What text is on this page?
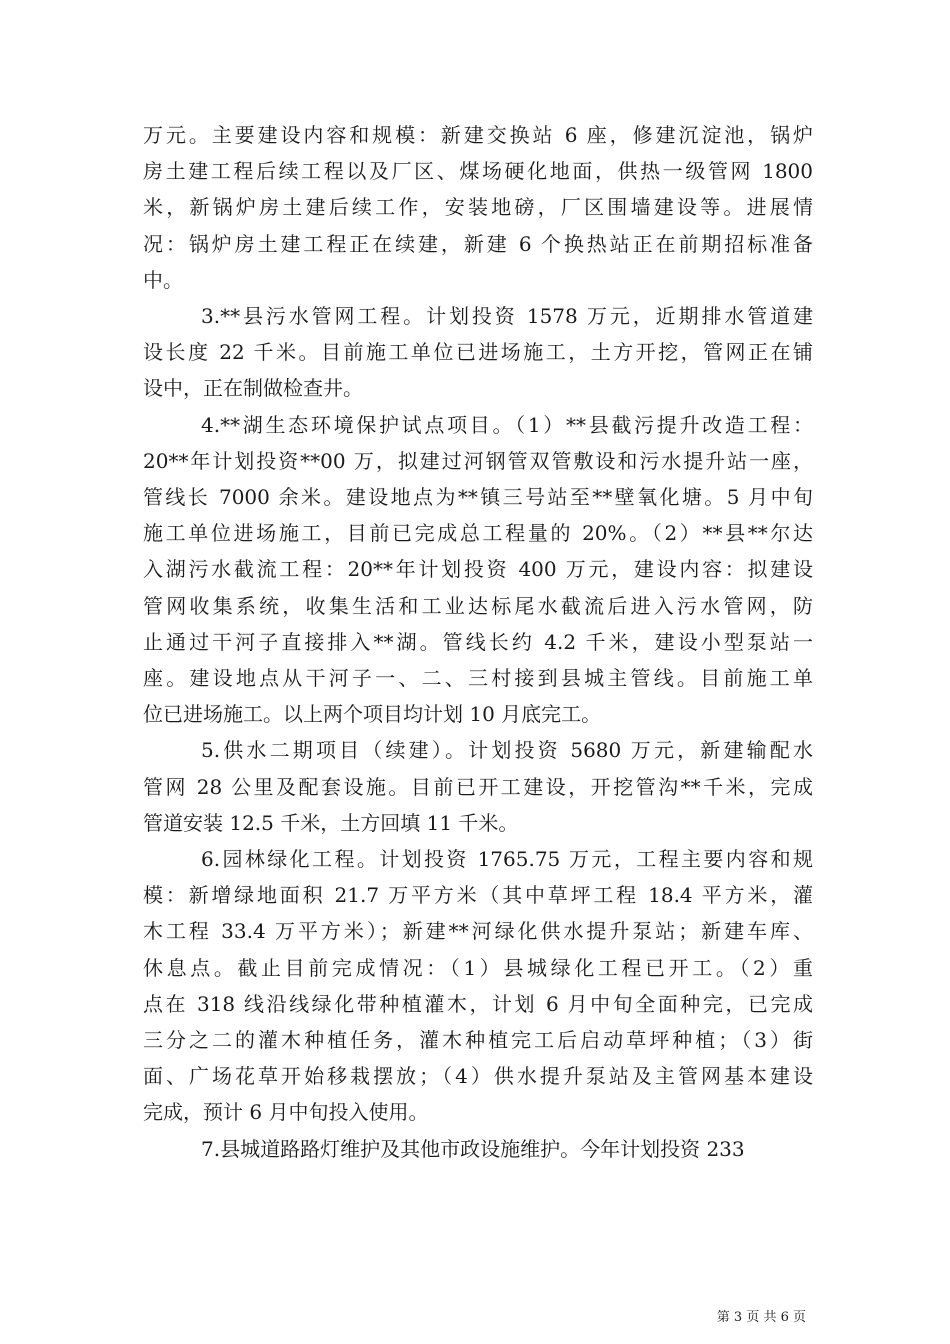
万元。主要建设内容和规模：新建交换站 6 座，修建沉淀池，锅炉
房土建工程后续工程以及厂区、煤场硬化地面，供热一级管网 1800
米，新锅炉房土建后续工作，安装地磅，厂区围墙建设等。进展情
况：锅炉房土建工程正在续建，新建 6 个换热站正在前期招标准备
中。

3.**县污水管网工程。计划投资 1578 万元，近期排水管道建
设长度 22 千米。目前施工单位已进场施工，土方开挖，管网正在铺
设中，正在制做检查井。

4.**湖生态环境保护试点项目。（1）**县截污提升改造工程：
20**年计划投资**00 万，拟建过河钢管双管敷设和污水提升站一座，
管线长 7000 余米。建设地点为**镇三号站至**壁氧化塘。5 月中旬
施工单位进场施工，目前已完成总工程量的 20%。（2）**县**尔达
入湖污水截流工程：20**年计划投资 400 万元，建设内容：拟建设
管网收集系统，收集生活和工业达标尾水截流后进入污水管网，防
止通过干河子直接排入**湖。管线长约 4.2 千米，建设小型泵站一
座。建设地点从干河子一、二、三村接到县城主管线。目前施工单
位已进场施工。以上两个项目均计划 10 月底完工。

5.供水二期项目（续建）。计划投资 5680 万元，新建输配水
管网 28 公里及配套设施。目前已开工建设，开挖管沟**千米，完成
管道安装 12.5 千米，土方回填 11 千米。

6.园林绿化工程。计划投资 1765.75 万元，工程主要内容和规
模：新增绿地面积 21.7 万平方米（其中草坪工程 18.4 平方米，灌
木工程 33.4 万平方米）；新建**河绿化供水提升泵站；新建车库、
休息点。截止目前完成情况：（1）县城绿化工程已开工。（2）重
点在 318 线沿线绿化带种植灌木，计划 6 月中旬全面种完，已完成
三分之二的灌木种植任务，灌木种植完工后启动草坪种植；（3）街
面、广场花草开始移栽摆放；（4）供水提升泵站及主管网基本建设
完成，预计 6 月中旬投入使用。

7.县城道路路灯维护及其他市政设施维护。今年计划投资 233

第 3 页 共 6 页
